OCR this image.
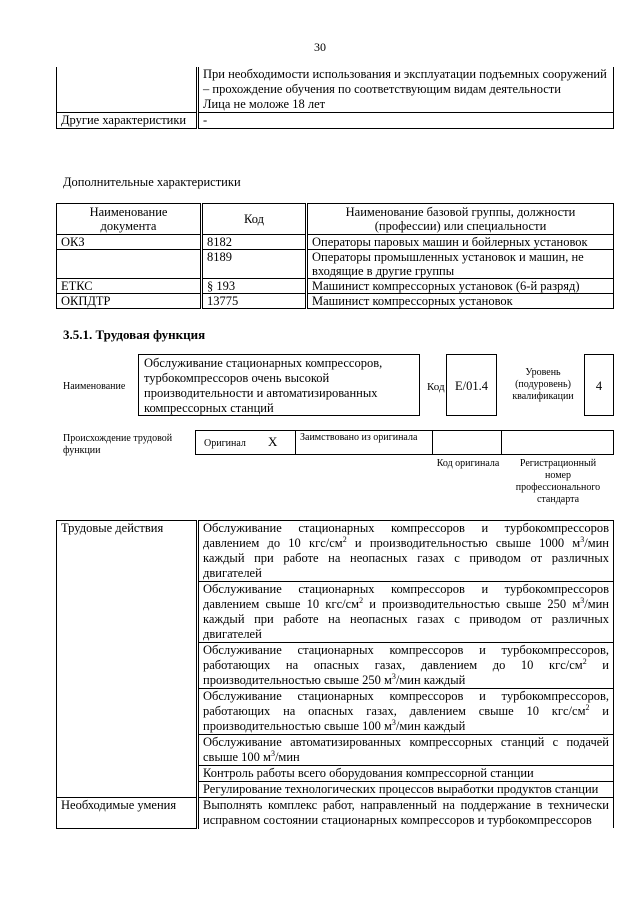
30

	При необходимости использования и эксплуатации подъемных сооружений – прохождение обучения по соответствующим видам деятельности
Лица не моложе 18 лет

Другие характеристики	-
Дополнительные характеристики
Наименование документа	Код	Наименование базовой группы, должности (профессии) или специальности
ОКЗ	8182	Операторы паровых машин и бойлерных установок
	8189	Операторы промышленных установок и машин, не входящие в другие группы
ЕТКС	§ 193	Машинист компрессорных установок (6-й разряд)
ОКПДТР	13775	Машинист компрессорных установок
3.5.1. Трудовая функция
Наименование
Обслуживание стационарных компрессоров, турбокомпрессоров очень высокой производительности и автоматизированных компрессорных станций
Код E/01.4
Уровень (подуровень) квалификации
4
Происхождение трудовой функции
Оригинал X Заимствовано из оригинала
Код оригинала	Регистрационный номер профессионального стандарта
Трудовые действия	Обслуживание стационарных компрессоров и турбокомпрессоров давлением до 10 кгс/$см^2$ и производительностью свыше 1000 $м^3$/мин каждый при работе на неопасных газах с приводом от различных двигателей
	Обслуживание стационарных компрессоров и турбокомпрессоров давлением свыше 10 кгс/$см^2$ и производительностью свыше 250 $м^3$/мин каждый при работе на неопасных газах с приводом от различных двигателей
	Обслуживание стационарных компрессоров и турбокомпрессоров, работающих на опасных газах, давлением до 10 кгс/$см^2$ и производительностью свыше 250 $м^3$/мин каждый
	Обслуживание стационарных компрессоров и турбокомпрессоров, работающих на опасных газах, давлением свыше 10 кгс/$см^2$ и производительностью свыше 100 $м^3$/мин каждый
	Обслуживание автоматизированных компрессорных станций с подачей свыше 100 $м^3$/мин
	Контроль работы всего оборудования компрессорной станции
	Регулирование технологических процессов выработки продуктов станции
Необходимые умения	Выполнять комплекс работ, направленный на поддержание в технически исправном состоянии стационарных компрессоров и турбокомпрессоров
